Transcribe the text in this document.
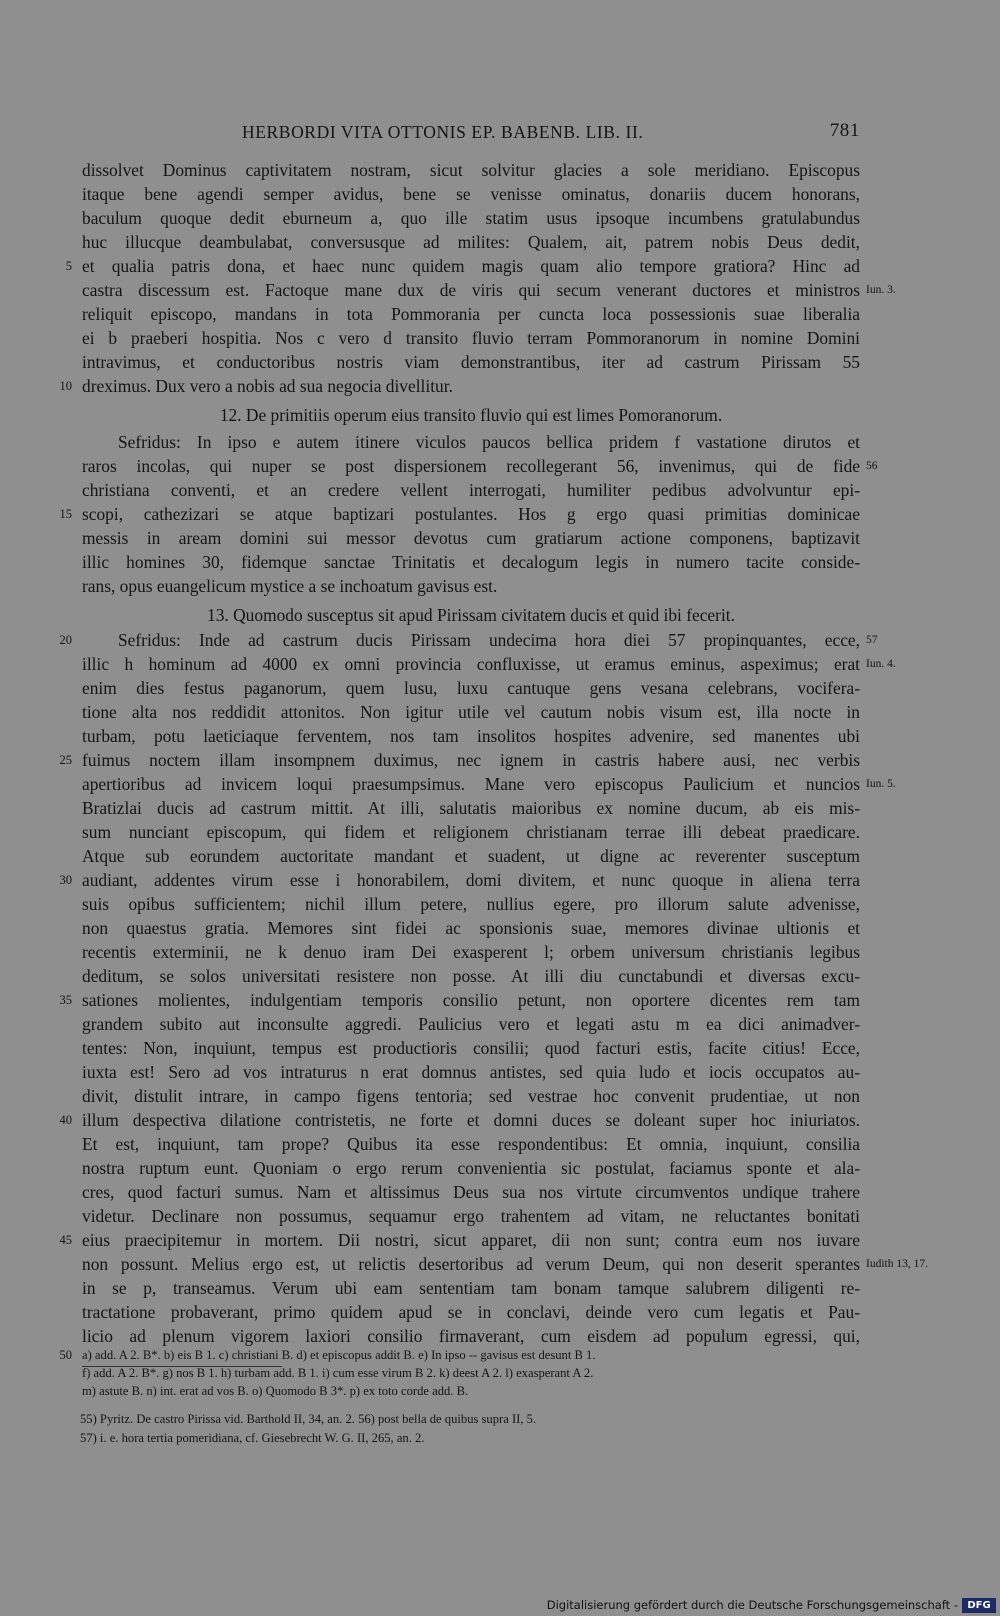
HERBORDI VITA OTTONIS EP. BABENB. LIB. II.	781
dissolvet Dominus captivitatem nostram, sicut solvitur glacies a sole meridiano. Episcopus
itaque bene agendi semper avidus, bene se venisse ominatus, donariis ducem honorans,
baculum quoque dedit eburneum a, quo ille statim usus ipsoque incumbens gratulabundus
huc illucque deambulabat, conversusque ad milites: Qualem, ait, patrem nobis Deus dedit,
et qualia patris dona, et haec nunc quidem magis quam alio tempore gratiora? Hinc ad
5
castra discessum est. Factoque mane dux de viris qui secum venerant ductores et ministros Iun. 3.
reliquit episcopo, mandans in tota Pommorania per cuncta loca possessionis suae liberalia
ei b praeberi hospitia. Nos c vero d transito fluvio terram Pommoranorum in nomine Domini
intravimus, et conductoribus nostris viam demonstrantibus, iter ad castrum Pirissam 55
dreximus. Dux vero a nobis ad sua negocia divellitur.
10
12. De primitiis operum eius transito fluvio qui est limes Pomoranorum.
Sefridus: In ipso e autem itinere viculos paucos bellica pridem f vastatione dirutos et
raros incolas, qui nuper se post dispersionem recollegerant 56, invenimus, qui de fide 56
christiana conventi, et an credere vellent interrogati, humiliter pedibus advolvuntur epi-
scopi, cathezizari se atque baptizari postulantes. Hos g ergo quasi primitias dominicae
15
messis in aream domini sui messor devotus cum gratiarum actione componens, baptizavit
illic homines 30, fidemque sanctae Trinitatis et decalogum legis in numero tacite conside-
rans, opus euangelicum mystice a se inchoatum gavisus est.
13. Quomodo susceptus sit apud Pirissam civitatem ducis et quid ibi fecerit.
Sefridus: Inde ad castrum ducis Pirissam undecima hora diei 57 propinquantes, ecce,
20	57
illic h hominum ad 4000 ex omni provincia confluxisse, ut eramus eminus, aspeximus; erat Iun. 4.
enim dies festus paganorum, quem lusu, luxu cantuque gens vesana celebrans, vocifera-
tione alta nos reddidit attonitos. Non igitur utile vel cautum nobis visum est, illa nocte in
turbam, potu laeticiaque ferventem, nos tam insolitos hospites advenire, sed manentes ubi
fuimus noctem illam insompnem duximus, nec ignem in castris habere ausi, nec verbis
25
apertioribus ad invicem loqui praesumpsimus. Mane vero episcopus Paulicium et nuncios Iun. 5.
Bratizlai ducis ad castrum mittit. At illi, salutatis maioribus ex nomine ducum, ab eis mis-
sum nunciant episcopum, qui fidem et religionem christianam terrae illi debeat praedicare.
Atque sub eorundem auctoritate mandant et suadent, ut digne ac reverenter susceptum
audiant, addentes virum esse i honorabilem, domi divitem, et nunc quoque in aliena terra
30
suis opibus sufficientem; nichil illum petere, nullius egere, pro illorum salute advenisse,
non quaestus gratia. Memores sint fidei ac sponsionis suae, memores divinae ultionis et
recentis exterminii, ne k denuo iram Dei exasperent l; orbem universum christianis legibus
deditum, se solos universitati resistere non posse. At illi diu cunctabundi et diversas excu-
sationes molientes, indulgentiam temporis consilio petunt, non oportere dicentes rem tam
35
grandem subito aut inconsulte aggredi. Paulicius vero et legati astu m ea dici animadver-
tentes: Non, inquiunt, tempus est productioris consilii; quod facturi estis, facite citius! Ecce,
iuxta est! Sero ad vos intraturus n erat domnus antistes, sed quia ludo et iocis occupatos au-
divit, distulit intrare, in campo figens tentoria; sed vestrae hoc convenit prudentiae, ut non
illum despectiva dilatione contristetis, ne forte et domni duces se doleant super hoc iniuriatos.
40
Et est, inquiunt, tam prope? Quibus ita esse respondentibus: Et omnia, inquiunt, consilia
nostra ruptum eunt. Quoniam o ergo rerum convenientia sic postulat, faciamus sponte et ala-
cres, quod facturi sumus. Nam et altissimus Deus sua nos virtute circumventos undique trahere
videtur. Declinare non possumus, sequamur ergo trahentem ad vitam, ne reluctantes bonitati
eius praecipitemur in mortem. Dii nostri, sicut apparet, dii non sunt; contra eum nos iuvare
45
non possunt. Melius ergo est, ut relictis desertoribus ad verum Deum, qui non deserit sperantes Iudith 13, 17.
in se p, transeamus. Verum ubi eam sententiam tam bonam tamque salubrem diligenti re-
tractatione probaverant, primo quidem apud se in conclavi, deinde vero cum legatis et Pau-
licio ad plenum vigorem laxiori consilio firmaverant, cum eisdem ad populum egressi, qui,
a) add. A 2. B*. b) eis B 1. c) christiani B. d) et episcopus addit B. e) In ipso -- gavisus est desunt B 1.
50
f) add. A 2. B*. g) nos B 1. h) turbam add. B 1. i) cum esse virum B 2. k) deest A 2. l) exasperant A 2.
m) astute B. n) int. erat ad vos B. o) Quomodo B 3*. p) ex toto corde add. B.
55) Pyritz. De castro Pirissa vid. Barthold II, 34, an. 2. 56) post bella de quibus supra II, 5.
57) i. e. hora tertia pomeridiana, cf. Giesebrecht W. G. II, 265, an. 2.
Digitalisierung gefördert durch die Deutsche Forschungsgemeinschaft - DFG
